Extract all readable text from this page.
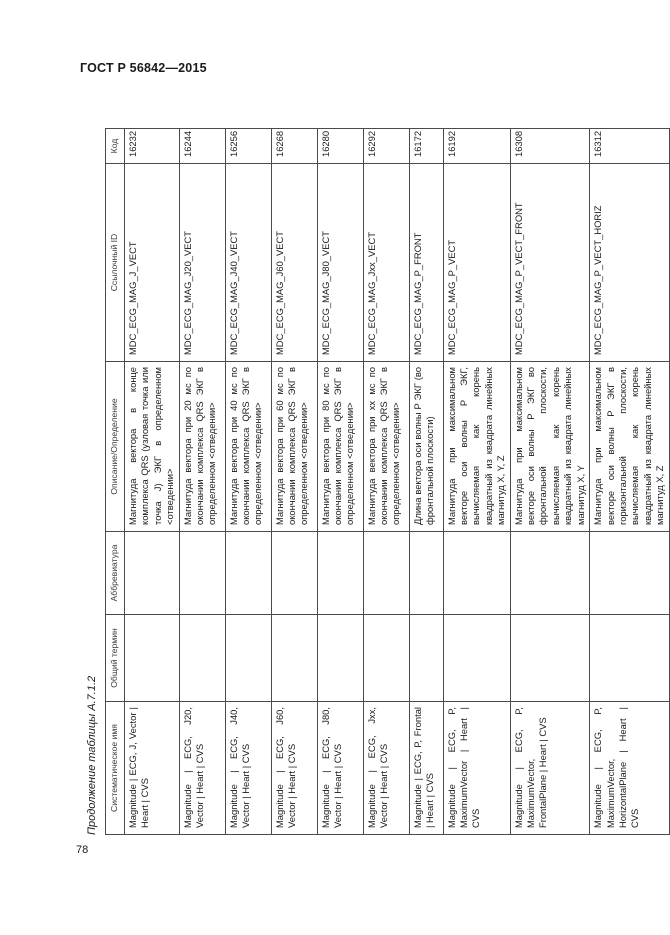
ГОСТ Р 56842—2015
78
Продолжение таблицы А.7.1.2	Систематическое имя	Общий термин	Аббревиатура	Описание/Определение	Ссылочный ID	Код
Magnitude | ECG, J, Vector | Heart | CVS			Магнитуда вектора в конце комплекса QRS (узловая точка или точка J) ЭКГ в определенном <отведении>	MDC_ECG_MAG_J_VECT	16232
Magnitude | ECG, J20, Vector | Heart | CVS			Магнитуда вектора при 20 мс по окончании комплекса QRS ЭКГ в определенном <отведении>	MDC_ECG_MAG_J20_VECT	16244
Magnitude | ECG, J40, Vector | Heart | CVS			Магнитуда вектора при 40 мс по окончании комплекса QRS ЭКГ в определенном <отведении>	MDC_ECG_MAG_J40_VECT	16256
Magnitude | ECG, J60, Vector | Heart | CVS			Магнитуда вектора при 60 мс по окончании комплекса QRS ЭКГ в определенном <отведении>	MDC_ECG_MAG_J60_VECT	16268
Magnitude | ECG, J80, Vector | Heart | CVS			Магнитуда вектора при 80 мс по окончании комплекса QRS ЭКГ в определенном <отведении>	MDC_ECG_MAG_J80_VECT	16280
Magnitude | ECG, Jxx, Vector | Heart | CVS			Магнитуда вектора при xx мс по окончании комплекса QRS ЭКГ в определенном <отведении>	MDC_ECG_MAG_Jxx_VECT	16292
Magnitude | ECG, P, Frontal | Heart | CVS			Длина вектора оси волны Р ЭКГ (во фронтальной плоскости)	MDC_ECG_MAG_P_FRONT	16172
Magnitude | ECG, P, MaximumVector | Heart | CVS			Магнитуда при максимальном векторе оси волны Р ЭКГ, вычисляемая как корень квадратный из квадрата линейных магнитуд X, Y, Z	MDC_ECG_MAG_P_VECT	16192
Magnitude | ECG, P, MaximumVector, FrontalPlane | Heart | CVS			Магнитуда при максимальном векторе оси волны Р ЭКГ во фронтальной плоскости, вычисляемая как корень квадратный из квадрата линейных магнитуд X, Y	MDC_ECG_MAG_P_VECT_FRONT	16308
Magnitude | ECG, P, MaximumVector, HorizontalPlane | Heart | CVS			Магнитуда при максимальном векторе оси волны Р ЭКГ в горизонтальной плоскости, вычисляемая как корень квадратный из квадрата линейных магнитуд X, Z	MDC_ECG_MAG_P_VECT_HORIZ	16312
